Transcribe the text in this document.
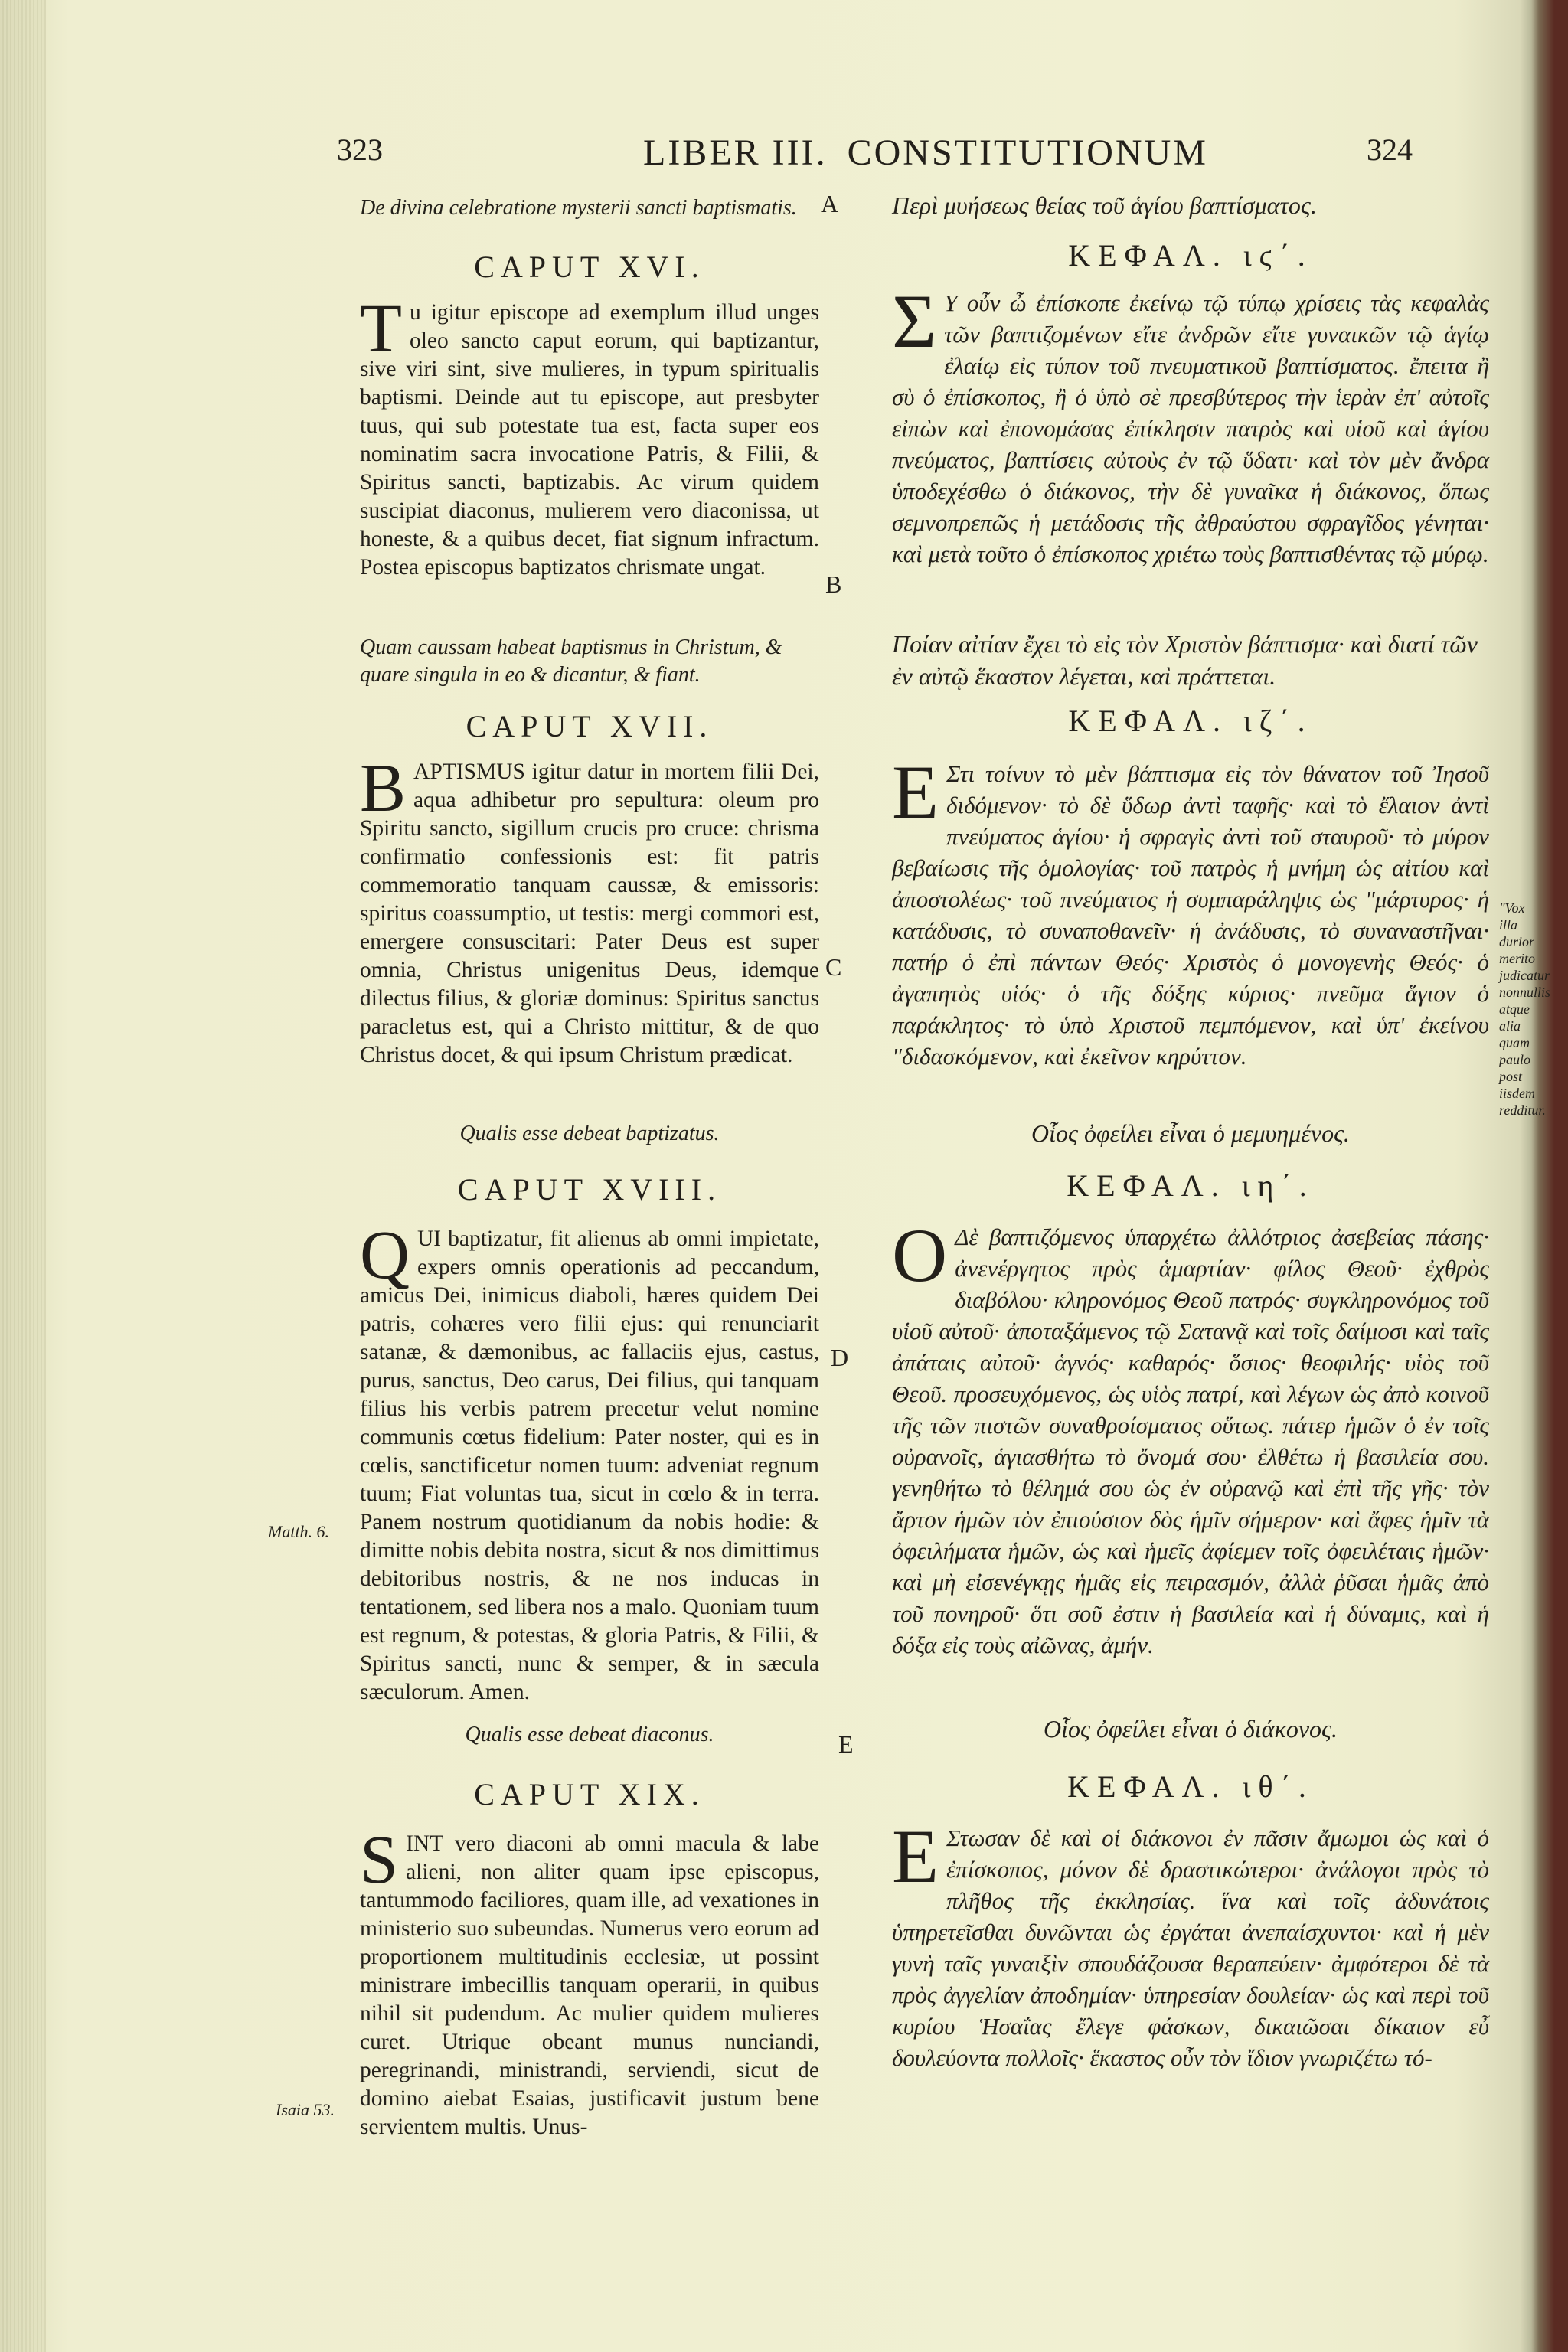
323	LIBER III. CONSTITUTIONUM	324
A
B
C
D
E
De divina celebratione mysterii sancti baptismatis.
CAPUT XVI.
T u igitur episcope ad exemplum illud unges oleo sancto caput eorum, qui baptizantur, sive viri sint, sive mulieres, in typum spiritualis baptismi. Deinde aut tu episcope, aut presbyter tuus, qui sub potestate tua est, facta super eos nominatim sacra invocatione Patris, & Filii, & Spiritus sancti, baptizabis. Ac virum quidem suscipiat diaconus, mulierem vero diaconissa, ut honeste, & a quibus decet, fiat signum infractum. Postea episcopus baptizatos chrismate ungat.
Quam caussam habeat baptismus in Christum, & quare singula in eo & dicantur, & fiant.
CAPUT XVII.
B APTISMUS igitur datur in mortem filii Dei, aqua adhibetur pro sepultura: oleum pro Spiritu sancto, sigillum crucis pro cruce: chrisma confirmatio confessionis est: fit patris commemoratio tanquam caussæ, & emissoris: spiritus coassumptio, ut testis: mergi commori est, emergere consuscitari: Pater Deus est super omnia, Christus unigenitus Deus, idemque dilectus filius, & gloriæ dominus: Spiritus sanctus paracletus est, qui a Christo mittitur, & de quo Christus docet, & qui ipsum Christum prædicat.
Qualis esse debeat baptizatus.
CAPUT XVIII.
Q UI baptizatur, fit alienus ab omni impietate, expers omnis operationis ad peccandum, amicus Dei, inimicus diaboli, hæres quidem Dei patris, cohæres vero filii ejus: qui renunciarit satanæ, & dæmonibus, ac fallaciis ejus, castus, purus, sanctus, Deo carus, Dei filius, qui tanquam filius his verbis patrem precetur velut nomine communis cœtus fidelium: Pater noster, qui es in cœlis, sanctificetur nomen tuum: adveniat regnum tuum; Fiat voluntas tua, sicut in cœlo & in terra. Panem nostrum quotidianum da nobis hodie: & dimitte nobis debita nostra, sicut & nos dimittimus debitoribus nostris, & ne nos inducas in tentationem, sed libera nos a malo. Quoniam tuum est regnum, & potestas, & gloria Patris, & Filii, & Spiritus sancti, nunc & semper, & in sæcula sæculorum. Amen.
Matth. 6.
Qualis esse debeat diaconus.
CAPUT XIX.
S INT vero diaconi ab omni macula & labe alieni, non aliter quam ipse episcopus, tantummodo faciliores, quam ille, ad vexationes in ministerio suo subeundas. Numerus vero eorum ad proportionem multitudinis ecclesiæ, ut possint ministrare imbecillis tanquam operarii, in quibus nihil sit pudendum. Ac mulier quidem mulieres curet. Utrique obeant munus nunciandi, peregrinandi, ministrandi, serviendi, sicut de domino aiebat Esaias, justificavit justum bene servientem multis. Unus-
Isaia 53.
Περὶ μυήσεως θείας τοῦ ἁγίου βαπτίσματος.
ΚΕΦΑΛ. ιϛ΄.
Σ Υ οὖν ὦ ἐπίσκοπε ἐκείνῳ τῷ τύπῳ χρίσεις τὰς κεφαλὰς τῶν βαπτιζομένων εἴτε ἀνδρῶν εἴτε γυναικῶν τῷ ἁγίῳ ἐλαίῳ εἰς τύπον τοῦ πνευματικοῦ βαπτίσματος. ἔπειτα ἢ σὺ ὁ ἐπίσκοπος, ἢ ὁ ὑπὸ σὲ πρεσβύτερος τὴν ἱερὰν ἐπ' αὐτοῖς εἰπὼν καὶ ἐπονομάσας ἐπίκλησιν πατρὸς καὶ υἱοῦ καὶ ἁγίου πνεύματος, βαπτίσεις αὐτοὺς ἐν τῷ ὕδατι· καὶ τὸν μὲν ἄνδρα ὑποδεχέσθω ὁ διάκονος, τὴν δὲ γυναῖκα ἡ διάκονος, ὅπως σεμνοπρεπῶς ἡ μετάδοσις τῆς ἀθραύστου σφραγῖδος γένηται· καὶ μετὰ τοῦτο ὁ ἐπίσκοπος χριέτω τοὺς βαπτισθέντας τῷ μύρῳ.
Ποίαν αἰτίαν ἔχει τὸ εἰς τὸν Χριστὸν βάπτισμα· καὶ διατί τῶν ἐν αὐτῷ ἕκαστον λέγεται, καὶ πράττεται.
ΚΕΦΑΛ. ιζ΄.
Ε Στι τοίνυν τὸ μὲν βάπτισμα εἰς τὸν θάνατον τοῦ Ἰησοῦ διδόμενον· τὸ δὲ ὕδωρ ἀντὶ ταφῆς· καὶ τὸ ἔλαιον ἀντὶ πνεύματος ἁγίου· ἡ σφραγὶς ἀντὶ τοῦ σταυροῦ· τὸ μύρον βεβαίωσις τῆς ὁμολογίας· τοῦ πατρὸς ἡ μνήμη ὡς αἰτίου καὶ ἀποστολέως· τοῦ πνεύματος ἡ συμπαράληψις ὡς "μάρτυρος· ἡ κατάδυσις, τὸ συναποθανεῖν· ἡ ἀνάδυσις, τὸ συναναστῆναι· πατήρ ὁ ἐπὶ πάντων Θεός· Χριστὸς ὁ μονογενὴς Θεός· ὁ ἀγαπητὸς υἱός· ὁ τῆς δόξης κύριος· πνεῦμα ἅγιον ὁ παράκλητος· τὸ ὑπὸ Χριστοῦ πεμπόμενον, καὶ ὑπ' ἐκείνου "διδασκόμενον, καὶ ἐκεῖνον κηρύττον.
"Vox illa durior merito judicatur nonnullis atque alia quam paulo post iisdem redditur.
Οἷος ὀφείλει εἶναι ὁ μεμυημένος.
ΚΕΦΑΛ. ιη΄.
Ο Δὲ βαπτιζόμενος ὑπαρχέτω ἀλλότριος ἀσεβείας πάσης· ἀνενέργητος πρὸς ἁμαρτίαν· φίλος Θεοῦ· ἐχθρὸς διαβόλου· κληρονόμος Θεοῦ πατρός· συγκληρονόμος τοῦ υἱοῦ αὐτοῦ· ἀποταξάμενος τῷ Σατανᾷ καὶ τοῖς δαίμοσι καὶ ταῖς ἀπάταις αὐτοῦ· ἁγνός· καθαρός· ὅσιος· θεοφιλής· υἱὸς τοῦ Θεοῦ. προσευχόμενος, ὡς υἱὸς πατρί, καὶ λέγων ὡς ἀπὸ κοινοῦ τῆς τῶν πιστῶν συναθροίσματος οὕτως. πάτερ ἡμῶν ὁ ἐν τοῖς οὐρανοῖς, ἁγιασθήτω τὸ ὄνομά σου· ἐλθέτω ἡ βασιλεία σου. γενηθήτω τὸ θέλημά σου ὡς ἐν οὐρανῷ καὶ ἐπὶ τῆς γῆς· τὸν ἄρτον ἡμῶν τὸν ἐπιούσιον δὸς ἡμῖν σήμερον· καὶ ἄφες ἡμῖν τὰ ὀφειλήματα ἡμῶν, ὡς καὶ ἡμεῖς ἀφίεμεν τοῖς ὀφειλέταις ἡμῶν· καὶ μὴ εἰσενέγκῃς ἡμᾶς εἰς πειρασμόν, ἀλλὰ ῥῦσαι ἡμᾶς ἀπὸ τοῦ πονηροῦ· ὅτι σοῦ ἐστιν ἡ βασιλεία καὶ ἡ δύναμις, καὶ ἡ δόξα εἰς τοὺς αἰῶνας, ἀμήν.
Οἷος ὀφείλει εἶναι ὁ διάκονος.
ΚΕΦΑΛ. ιθ΄.
Ε Στωσαν δὲ καὶ οἱ διάκονοι ἐν πᾶσιν ἄμωμοι ὡς καὶ ὁ ἐπίσκοπος, μόνον δὲ δραστικώτεροι· ἀνάλογοι πρὸς τὸ πλῆθος τῆς ἐκκλησίας. ἵνα καὶ τοῖς ἀδυνάτοις ὑπηρετεῖσθαι δυνῶνται ὡς ἐργάται ἀνεπαίσχυντοι· καὶ ἡ μὲν γυνὴ ταῖς γυναιξὶν σπουδάζουσα θεραπεύειν· ἀμφότεροι δὲ τὰ πρὸς ἀγγελίαν ἀποδημίαν· ὑπηρεσίαν δουλείαν· ὡς καὶ περὶ τοῦ κυρίου Ἡσαΐας ἔλεγε φάσκων, δικαιῶσαι δίκαιον εὖ δουλεύοντα πολλοῖς· ἕκαστος οὖν τὸν ἴδιον γνωριζέτω τό-
